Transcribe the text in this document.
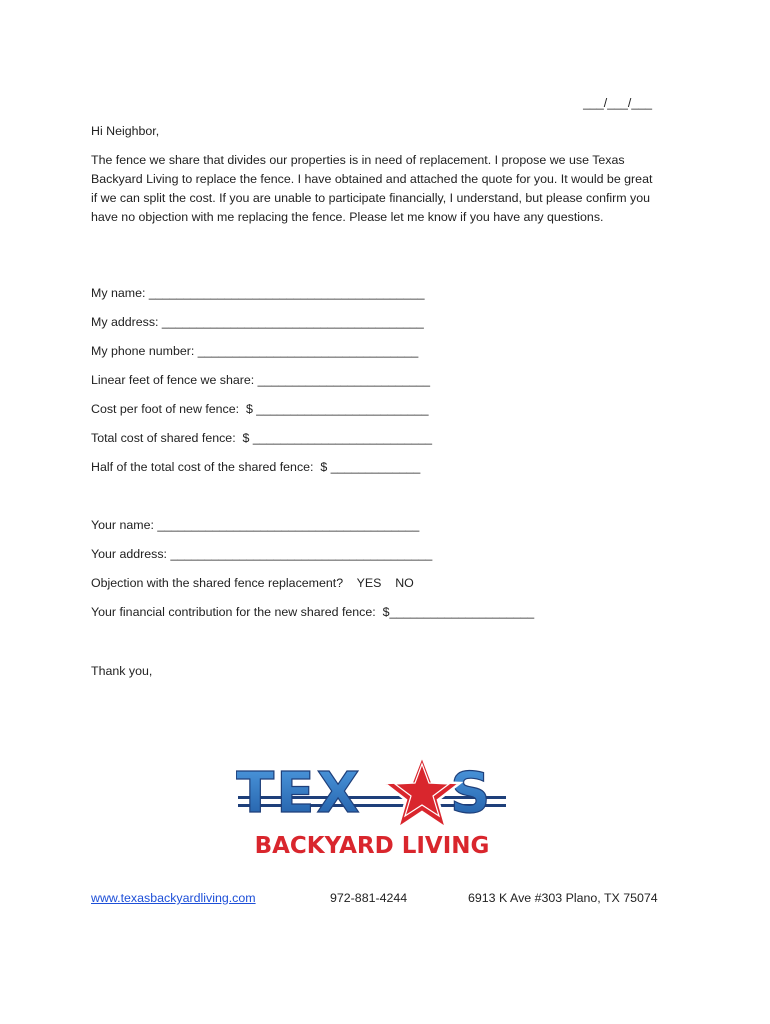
___/___/___
Hi Neighbor,
The fence we share that divides our properties is in need of replacement. I propose we use Texas Backyard Living to replace the fence. I have obtained and attached the quote for you. It would be great if we can split the cost. If you are unable to participate financially, I understand, but please confirm you have no objection with me replacing the fence. Please let me know if you have any questions.
My name: ________________________________________
My address: ______________________________________
My phone number: ________________________________
Linear feet of fence we share: _________________________
Cost per foot of new fence:  $ _________________________
Total cost of shared fence:  $ __________________________
Half of the total cost of the shared fence:  $ _____________
Your name: ______________________________________
Your address: ______________________________________
Objection with the shared fence replacement?    YES    NO
Your financial contribution for the new shared fence:  $_____________________
Thank you,
TEX S
BACKYARD LIVING
www.texasbackyardliving.com	972-881-4244	6913 K Ave #303 Plano, TX 75074
